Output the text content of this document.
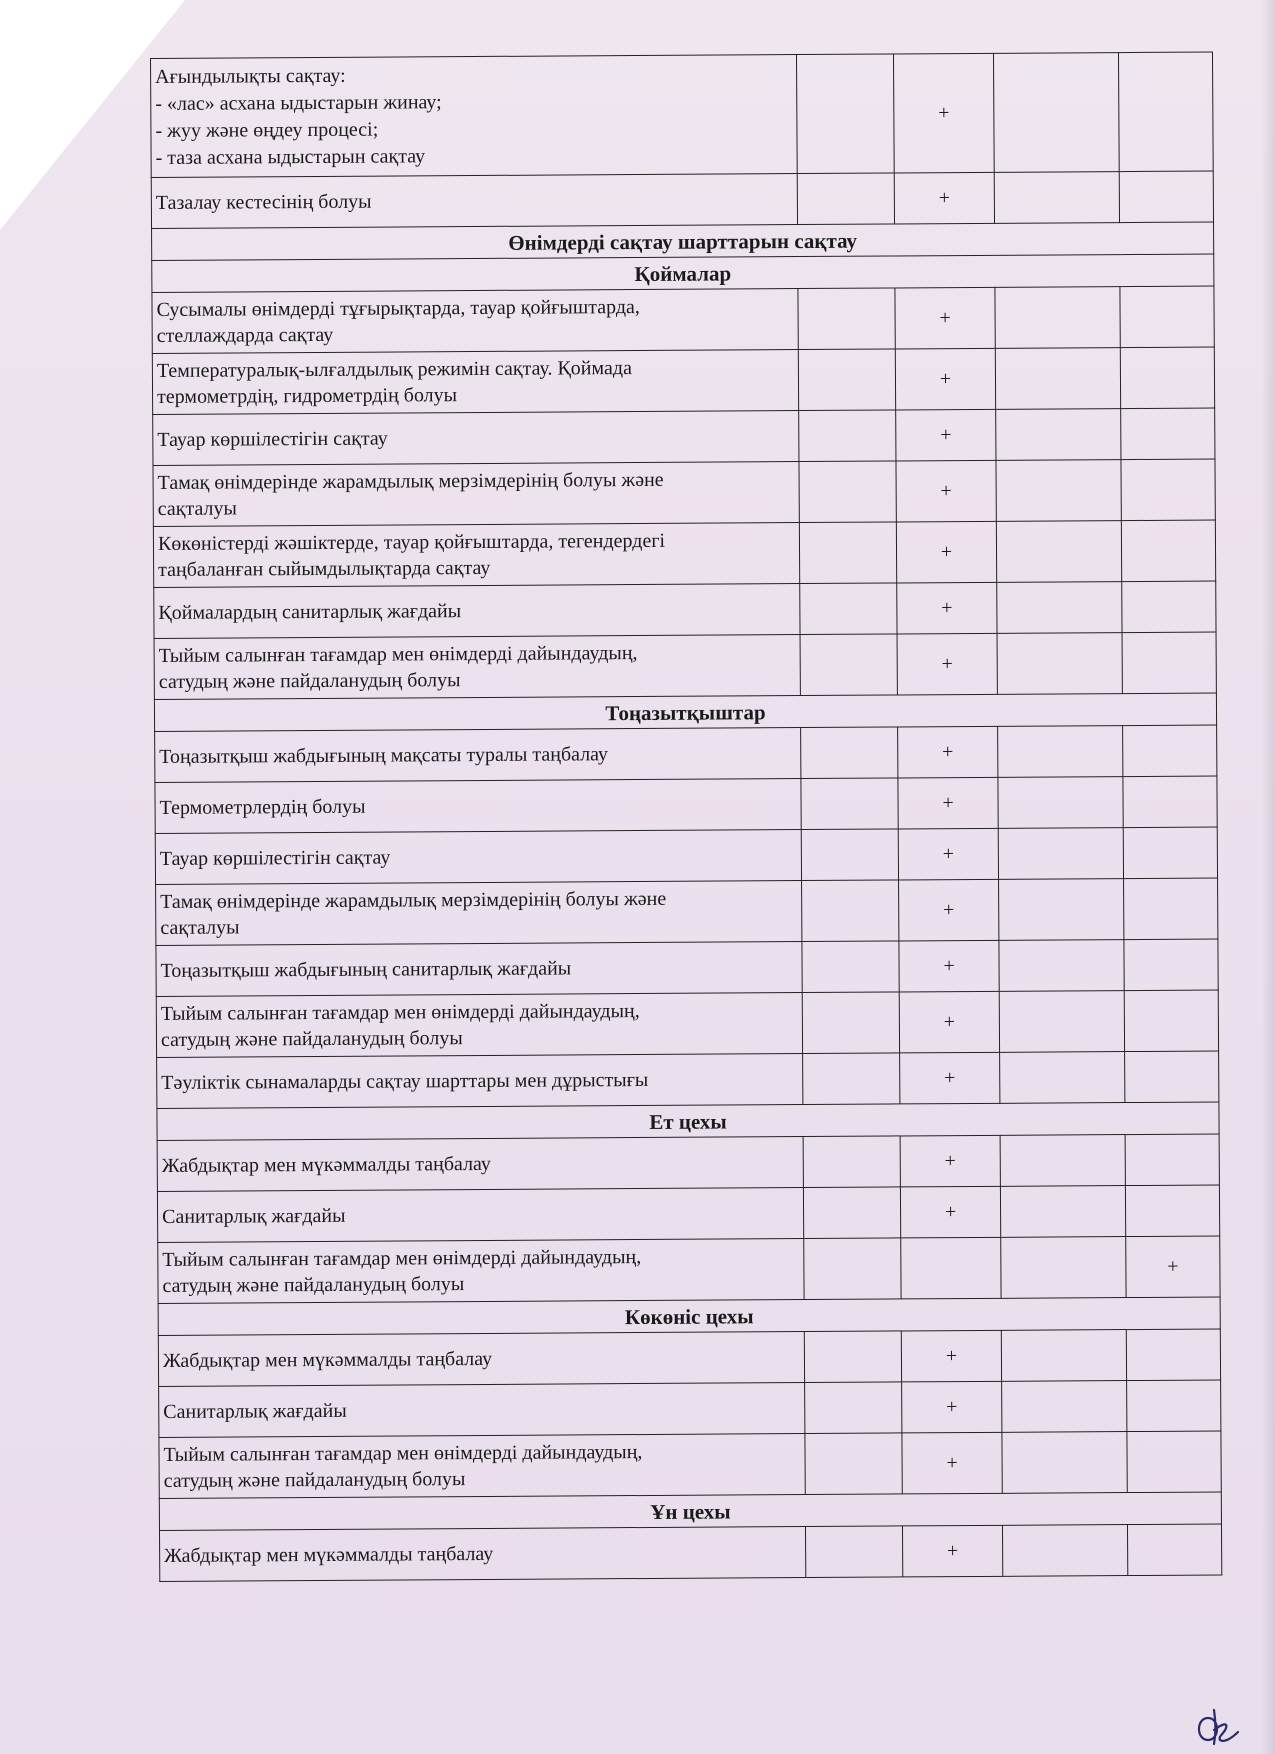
Ағындылықты сақтау:
- «лас» асхана ыдыстарын жинау;
- жуу және өңдеу процесі;
- таза асхана ыдыстарын сақтау		+		

Тазалау кестесінің болуы		+		
Өнімдерді сақтау шарттарын сақтау				
Қоймалар				

Сусымалы өнімдерді тұғырықтарда, тауар қойғыштарда,
стеллаждарда сақтау		+		

Температуралық-ылғалдылық режимін сақтау. Қоймада
термометрдің, гидрометрдің болуы		+		

Тауар көршілестігін сақтау		+		

Тамақ өнімдерінде жарамдылық мерзімдерінің болуы және
сақталуы		+		

Көкөністерді жәшіктерде, тауар қойғыштарда, тегендердегі
таңбаланған сыйымдылықтарда сақтау		+		

Қоймалардың санитарлық жағдайы		+		

Тыйым салынған тағамдар мен өнімдерді дайындаудың,
сатудың және пайдаланудың болуы		+		
Тоңазытқыштар				

Тоңазытқыш жабдығының мақсаты туралы таңбалау		+		

Термометрлердің болуы		+		

Тауар көршілестігін сақтау		+		

Тамақ өнімдерінде жарамдылық мерзімдерінің болуы және
сақталуы		+		

Тоңазытқыш жабдығының санитарлық жағдайы		+		

Тыйым салынған тағамдар мен өнімдерді дайындаудың,
сатудың және пайдаланудың болуы		+		

Тәуліктік сынамаларды сақтау шарттары мен дұрыстығы		+		
Ет цехы				

Жабдықтар мен мүкәммалды таңбалау		+		

Санитарлық жағдайы		+		

Тыйым салынған тағамдар мен өнімдерді дайындаудың,
сатудың және пайдаланудың болуы				+
Көкөніс цехы				

Жабдықтар мен мүкәммалды таңбалау		+		

Санитарлық жағдайы		+		

Тыйым салынған тағамдар мен өнімдерді дайындаудың,
сатудың және пайдаланудың болуы		+		
Ұн цехы				

Жабдықтар мен мүкәммалды таңбалау		+		
